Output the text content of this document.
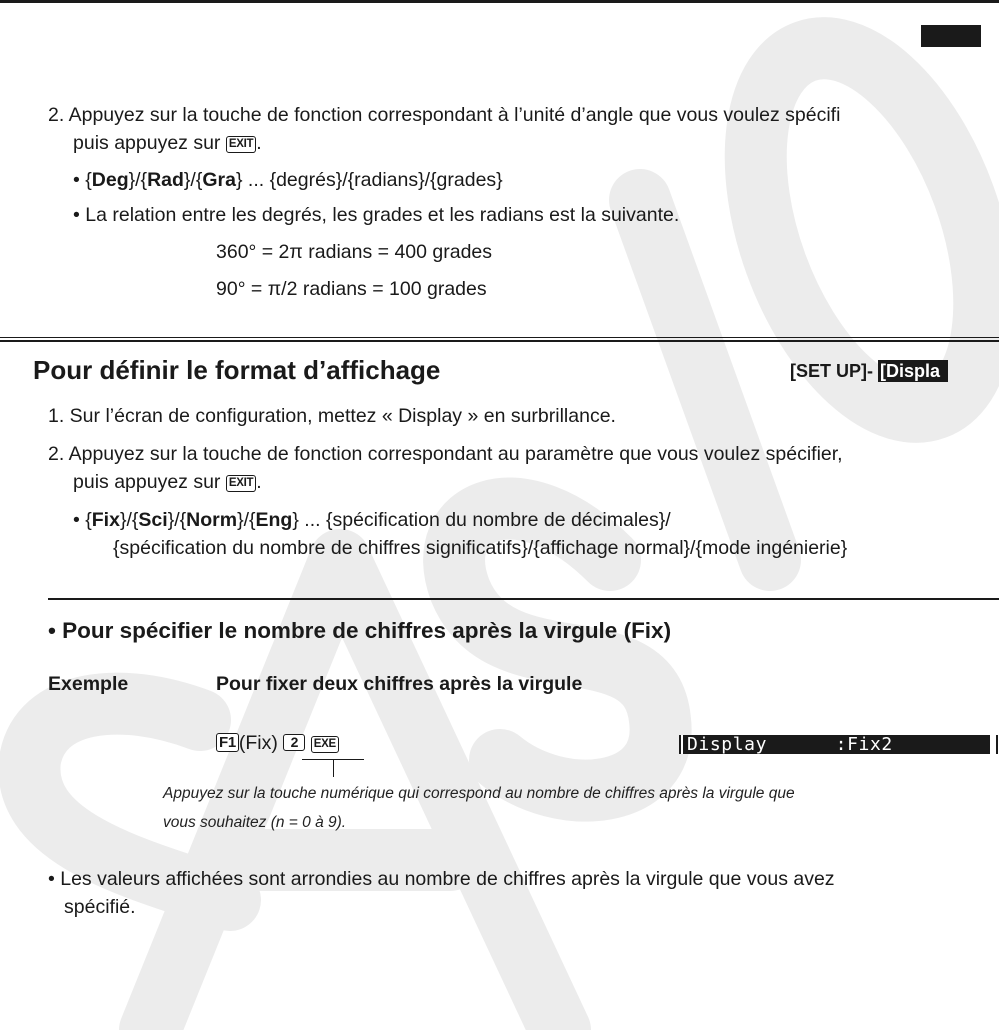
2. Appuyez sur la touche de fonction correspondant à l’unité d’angle que vous voulez spécifi
puis appuyez sur EXIT .
• {Deg}/{Rad}/{Gra} ... {degrés}/{radians}/{grades}
• La relation entre les degrés, les grades et les radians est la suivante.
360° = 2π radians = 400 grades
90° = π/2 radians = 100 grades
Pour définir le format d’affichage	[SET UP]- [Displa
1. Sur l’écran de configuration, mettez « Display » en surbrillance.
2. Appuyez sur la touche de fonction correspondant au paramètre que vous voulez spécifier,
puis appuyez sur EXIT .
• {Fix}/{Sci}/{Norm}/{Eng} ... {spécification du nombre de décimales}/
{spécification du nombre de chiffres significatifs}/{affichage normal}/{mode ingénierie}
• Pour spécifier le nombre de chiffres après la virgule (Fix)
Exemple	Pour fixer deux chiffres après la virgule
F1 (Fix) 2 EXE	Display      :Fix2
Appuyez sur la touche numérique qui correspond au nombre de chiffres après la virgule que
vous souhaitez (n = 0 à 9).
• Les valeurs affichées sont arrondies au nombre de chiffres après la virgule que vous avez
spécifié.
